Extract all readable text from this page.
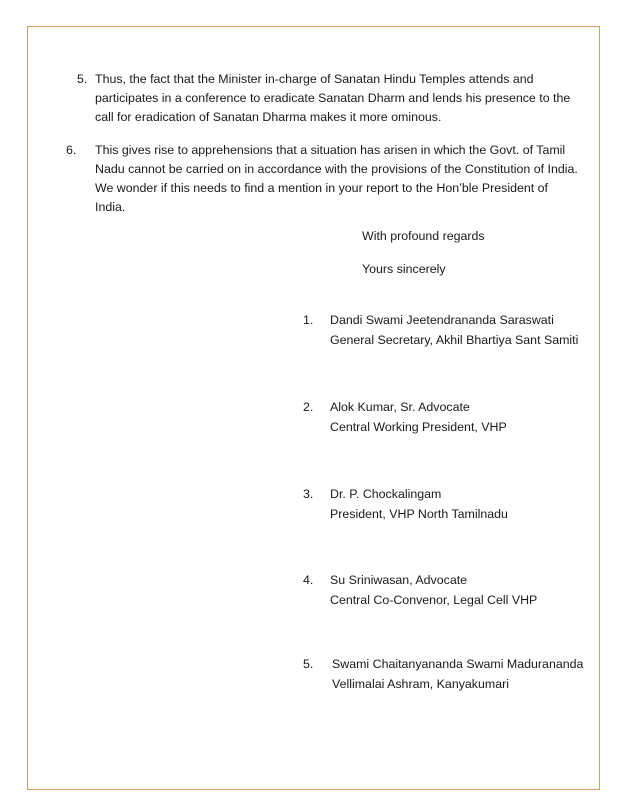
5. Thus, the fact that the Minister in-charge of Sanatan Hindu Temples attends and participates in a conference to eradicate Sanatan Dharm and lends his presence to the call for eradication of Sanatan Dharma makes it more ominous.
6.	This gives rise to apprehensions that a situation has arisen in which the Govt. of Tamil Nadu cannot be carried on in accordance with the provisions of the Constitution of India. We wonder if this needs to find a mention in your report to the Hon’ble President of India.
With profound regards
Yours sincerely
1. Dandi Swami Jeetendrananda Saraswati
General Secretary, Akhil Bhartiya Sant Samiti
2. Alok Kumar, Sr. Advocate
Central Working President, VHP
3. Dr. P. Chockalingam
President, VHP North Tamilnadu
4. Su Sriniwasan, Advocate
Central Co-Convenor, Legal Cell VHP
5. Swami Chaitanyananda Swami Madurananda
Vellimalai Ashram, Kanyakumari
